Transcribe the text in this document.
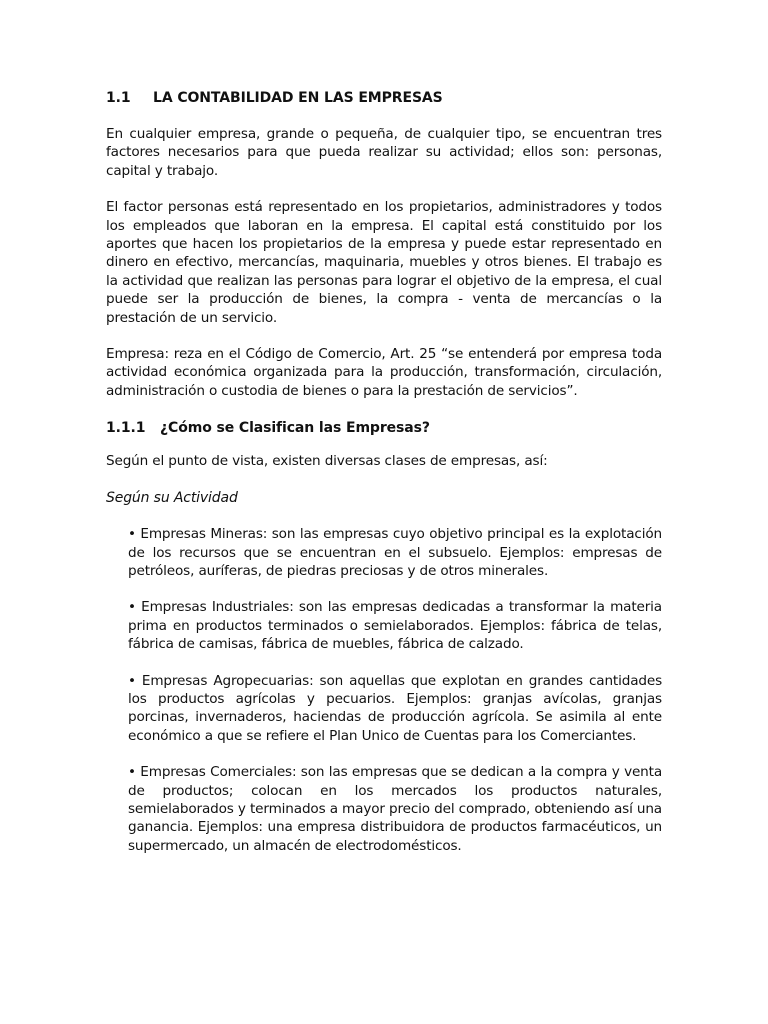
1.1	LA CONTABILIDAD EN LAS EMPRESAS

En cualquier empresa, grande o pequeña, de cualquier tipo, se encuentran tres factores necesarios para que pueda realizar su actividad; ellos son: personas, capital y trabajo.

El factor personas está representado en los propietarios, administradores y todos los empleados que laboran en la empresa. El capital está constituido por los aportes que hacen los propietarios de la empresa y puede estar representado en dinero en efectivo, mercancías, maquinaria, muebles y otros bienes. El trabajo es la actividad que realizan las personas para lograr el objetivo de la empresa, el cual puede ser la producción de bienes, la compra - venta de mercancías o la prestación de un servicio.

Empresa: reza en el Código de Comercio, Art. 25 “se entenderá por empresa toda actividad económica organizada para la producción, transformación, circulación, administración o custodia de bienes o para la prestación de servicios”.

1.1.1	¿Cómo se Clasifican las Empresas?

Según el punto de vista, existen diversas clases de empresas, así:

Según su Actividad

• Empresas Mineras: son las empresas cuyo objetivo principal es la explotación de los recursos que se encuentran en el subsuelo. Ejemplos: empresas de petróleos, auríferas, de piedras preciosas y de otros minerales.

• Empresas Industriales: son las empresas dedicadas a transformar la materia prima en productos terminados o semielaborados. Ejemplos: fábrica de telas, fábrica de camisas, fábrica de muebles, fábrica de calzado.

• Empresas Agropecuarias: son aquellas que explotan en grandes cantidades los productos agrícolas y pecuarios. Ejemplos: granjas avícolas, granjas porcinas, invernaderos, haciendas de producción agrícola. Se asimila al ente económico a que se refiere el Plan Unico de Cuentas para los Comerciantes.

• Empresas Comerciales: son las empresas que se dedican a la compra y venta de productos; colocan en los mercados los productos naturales, semielaborados y terminados a mayor precio del comprado, obteniendo así una ganancia. Ejemplos: una empresa distribuidora de productos farmacéuticos, un supermercado, un almacén de electrodomésticos.
